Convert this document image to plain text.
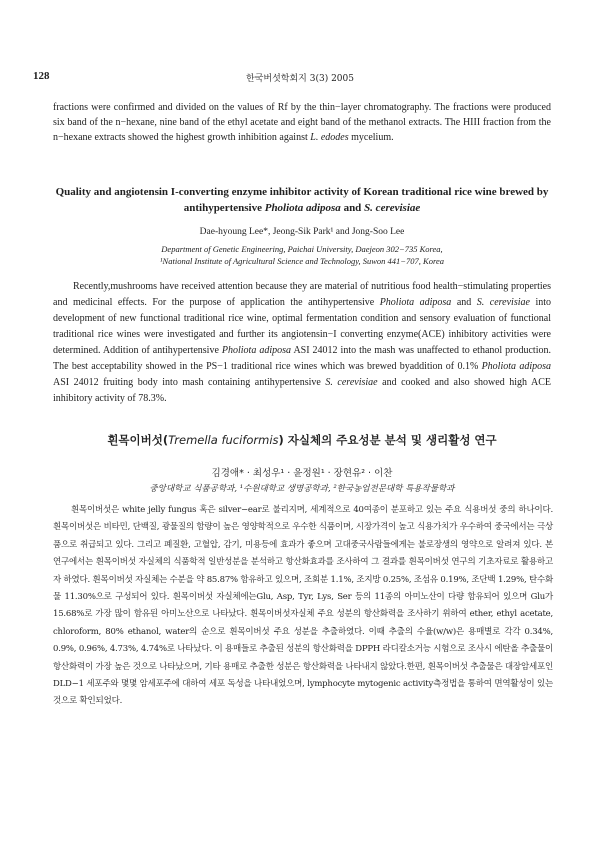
128	한국버섯학회지 3(3) 2005
fractions were confirmed and divided on the values of Rf by the thin−layer chromatography. The fractions were produced six band of the n−hexane, nine band of the ethyl acetate and eight band of the methanol extracts. The HIII fraction from the n−hexane extracts showed the highest growth inhibition against L. edodes mycelium.
Quality and angiotensin I-converting enzyme inhibitor activity of Korean traditional rice wine brewed by antihypertensive Pholiota adiposa and S. cerevisiae
Dae-hyoung Lee*, Jeong-Sik Park¹ and Jong-Soo Lee
Department of Genetic Engineering, Paichai University, Daejeon 302−735 Korea,
¹National Institute of Agricultural Science and Technology, Suwon 441−707, Korea
Recently,mushrooms have received attention because they are material of nutritious food health−stimulating properties and medicinal effects. For the purpose of application the antihypertensive Pholiota adiposa and S. cerevisiae into development of new functional traditional rice wine, optimal fermentation condition and sensory evaluation of functional traditional rice wines were investigated and further its angiotensin−I converting enzyme(ACE) inhibitory activities were determined. Addition of antihypertensive Pholiota adiposa ASI 24012 into the mash was unaffected to ethanol production. The best acceptability showed in the PS−1 traditional rice wines which was brewed byaddition of 0.1% Pholiota adiposa ASI 24012 fruiting body into mash containing antihypertensive S. cerevisiae and cooked and also showed high ACE inhibitory activity of 78.3%.
흰목이버섯(Tremella fuciformis) 자실체의 주요성분 분석 및 생리활성 연구
김경애* · 최성우¹ · 윤정원¹ · 장현유² · 이찬
중앙대학교 식품공학과, ¹수원대학교 생명공학과, ²한국농업전문대학 특용작물학과
흰목이버섯은 white jelly fungus 혹은 silver−ear로 불리지며, 세계적으로 40여종이 분포하고 있는 주요 식용버섯 중의 하나이다. 흰목이버섯은 비타민, 단백질, 광물질의 함량이 높은 영양학적으로 우수한 식품이며, 시장가격이 높고 식용가치가 우수하여 중국에서는 극상품으로 취급되고 있다. 그리고 폐질환, 고혈압, 감기, 미용등에 효과가 좋으며 고대중국사람들에게는 불로장생의 영약으로 알려져 있다. 본 연구에서는 흰목이버섯 자실체의 식품학적 일반성분을 분석하고 항산화효과를 조사하여 그 결과를 흰목이버섯 연구의 기초자료로 활용하고자 하였다. 흰목이버섯 자실체는 수분을 약 85.87% 함유하고 있으며, 조회분 1.1%, 조지방 0.25%, 조섬유 0.19%, 조단백 1.29%, 탄수화물 11.30%으로 구성되어 있다. 흰목이버섯 자실체에는Glu, Asp, Tyr, Lys, Ser 등의 11종의 아미노산이 다량 함유되어 있으며 Glu가 15.68%로 가장 많이 함유된 아미노산으로 나타났다. 흰목이버섯자실체 주요 성분의 항산화력을 조사하기 위하여 ether, ethyl acetate, chloroform, 80% ethanol, water의 순으로 흰목이버섯 주요 성분을 추출하였다. 이때 추출의 수율(w/w)은 용매별로 각각 0.34%, 0.9%, 0.96%, 4.73%, 4.74%로 나타났다. 이 용매들로 추출된 성분의 항산화력을 DPPH 라디칼소거능 시험으로 조사시 에탄올 추출물이 항산화력이 가장 높은 것으로 나타났으며, 기타 용매로 추출한 성분은 항산화력을 나타내지 않았다.한편, 흰목이버섯 추출물은 대장암세포인 DLD−1 세포주와 몇몇 암세포주에 대하여 세포 독성을 나타내었으며, lymphocyte mytogenic activity측정법을 통하여 면역활성이 있는 것으로 확인되었다.
